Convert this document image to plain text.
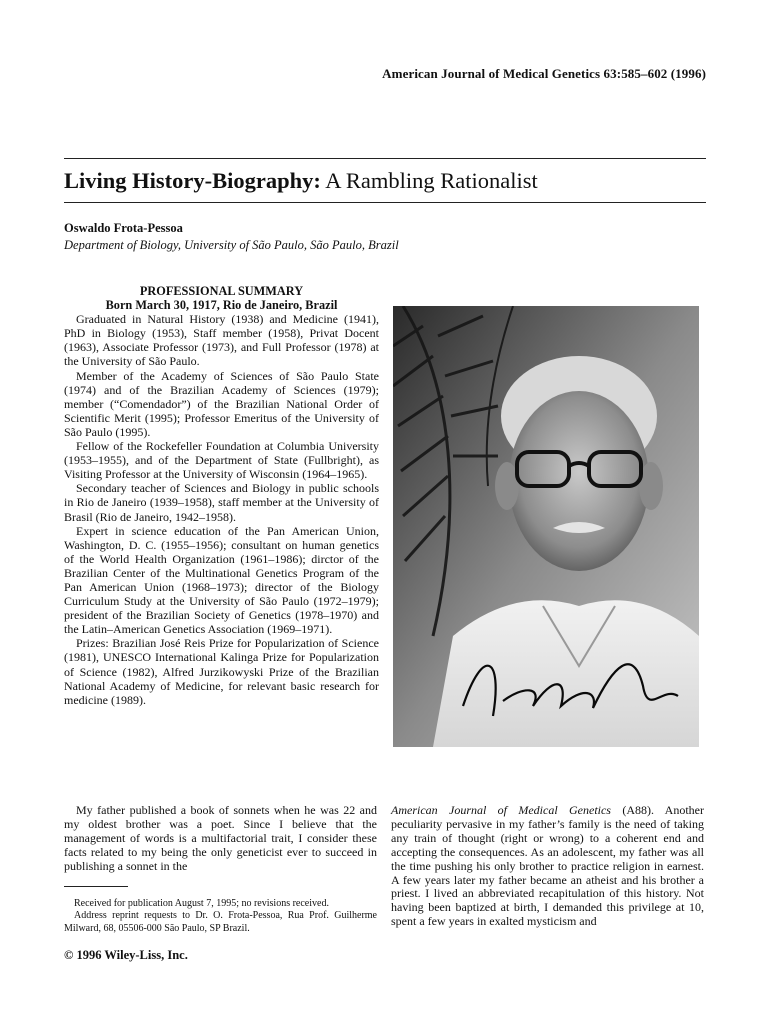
American Journal of Medical Genetics 63:585–602 (1996)
Living History-Biography: A Rambling Rationalist
Oswaldo Frota-Pessoa
Department of Biology, University of São Paulo, São Paulo, Brazil
PROFESSIONAL SUMMARY
Born March 30, 1917, Rio de Janeiro, Brazil

Graduated in Natural History (1938) and Medicine (1941), PhD in Biology (1953), Staff member (1958), Privat Docent (1963), Associate Professor (1973), and Full Professor (1978) at the University of São Paulo.

Member of the Academy of Sciences of São Paulo State (1974) and of the Brazilian Academy of Sciences (1979); member (“Comendador”) of the Brazilian National Order of Scientific Merit (1995); Professor Emeritus of the University of São Paulo (1995).

Fellow of the Rockefeller Foundation at Columbia University (1953–1955), and of the Department of State (Fullbright), as Visiting Professor at the University of Wisconsin (1964–1965).

Secondary teacher of Sciences and Biology in public schools in Rio de Janeiro (1939–1958), staff member at the University of Brasil (Rio de Janeiro, 1942–1958).

Expert in science education of the Pan American Union, Washington, D. C. (1955–1956); consultant on human genetics of the World Health Organization (1961–1986); dirctor of the Brazilian Center of the Multinational Genetics Program of the Pan American Union (1968–1973); director of the Biology Curriculum Study at the University of São Paulo (1972–1979); president of the Brazilian Society of Genetics (1978–1970) and the Latin–American Genetics Association (1969–1971).

Prizes: Brazilian José Reis Prize for Popularization of Science (1981), UNESCO International Kalinga Prize for Popularization of Science (1982), Alfred Jurzikowyski Prize of the Brazilian National Academy of Medicine, for relevant basic research for medicine (1989).

My father published a book of sonnets when he was 22 and my oldest brother was a poet. Since I believe that the management of words is a multifactorial trait, I consider these facts related to my being the only geneticist ever to succeed in publishing a sonnet in the

American Journal of Medical Genetics (A88). Another peculiarity pervasive in my father’s family is the need of taking any train of thought (right or wrong) to a coherent end and accepting the consequences. As an adolescent, my father was all the time pushing his only brother to practice religion in earnest. A few years later my father became an atheist and his brother a priest. I lived an abbreviated recapitulation of this history. Not having been baptized at birth, I demanded this privilege at 10, spent a few years in exalted mysticism and

Received for publication August 7, 1995; no revisions received.

Address reprint requests to Dr. O. Frota-Pessoa, Rua Prof. Guilherme Milward, 68, 05506-000 São Paulo, SP Brazil.

© 1996 Wiley-Liss, Inc.
